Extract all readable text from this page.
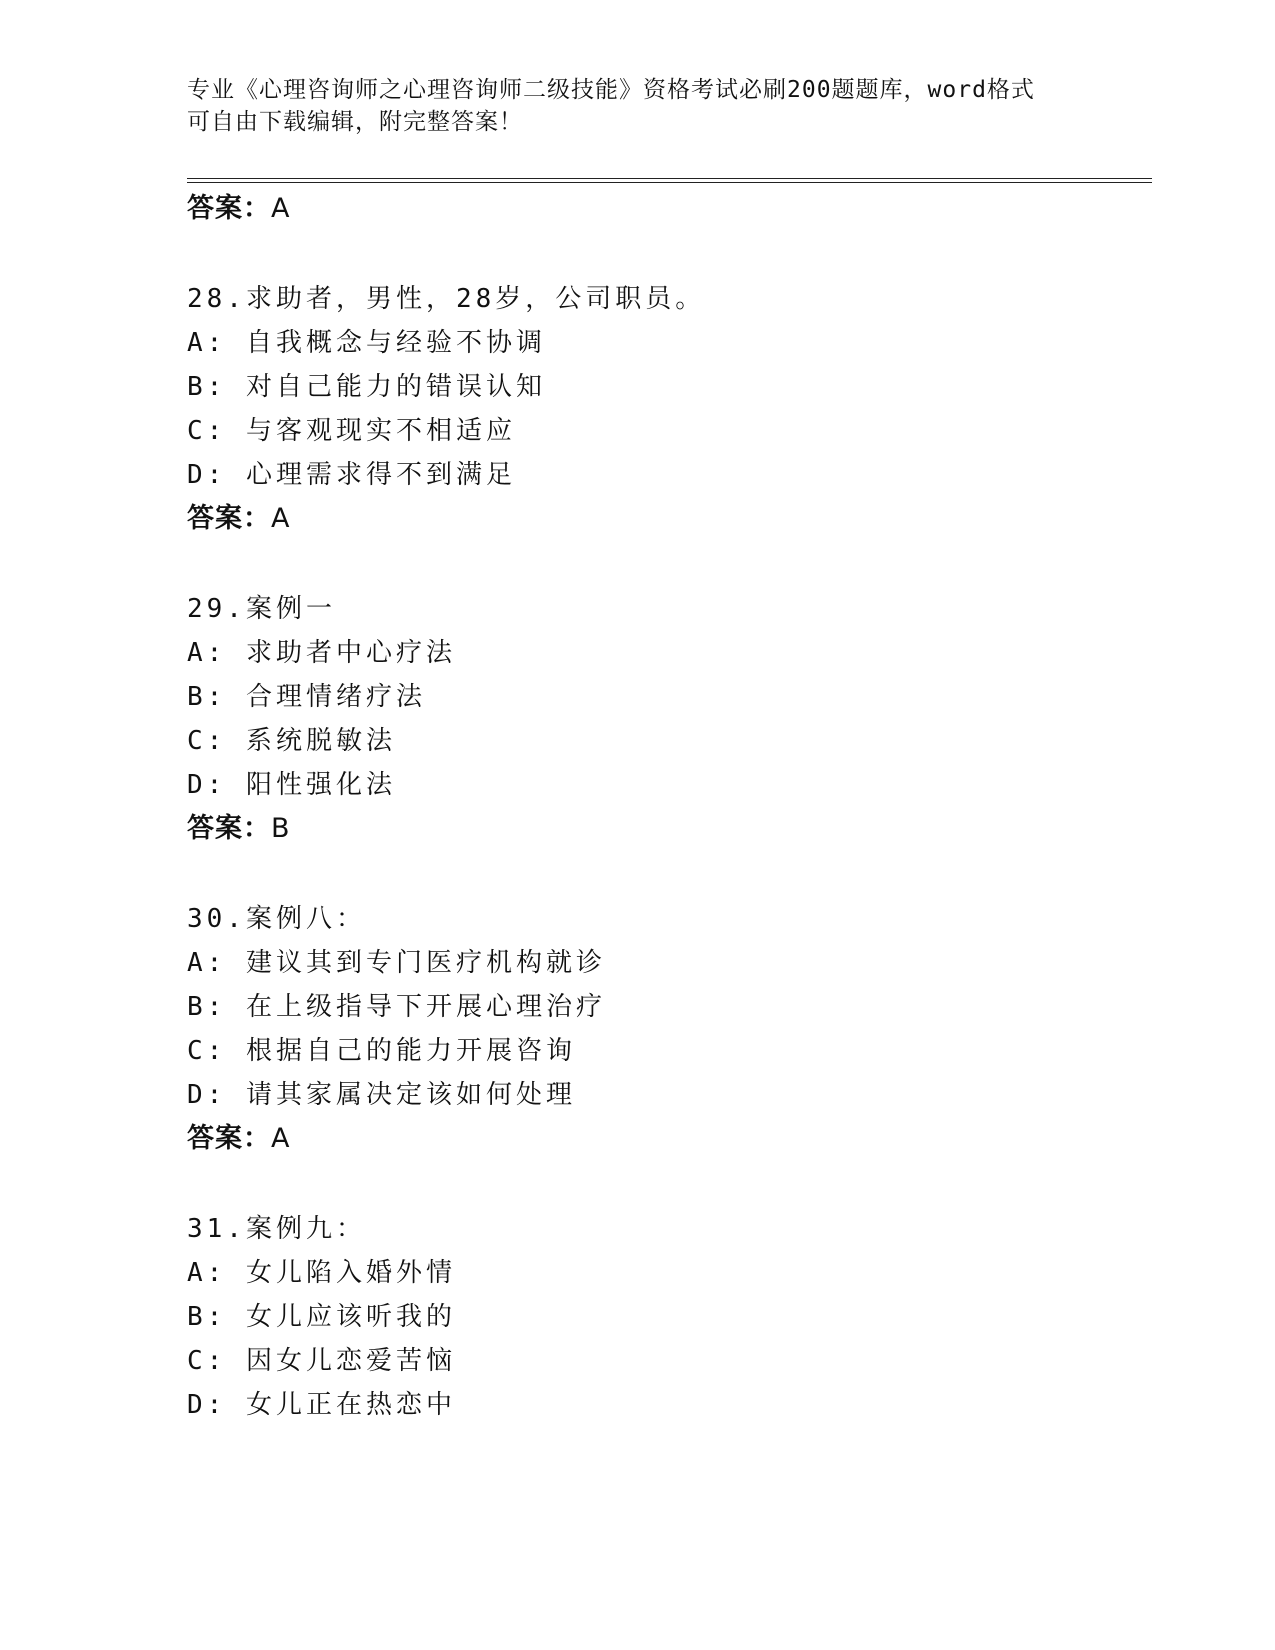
专业《心理咨询师之心理咨询师二级技能》资格考试必刷200题题库，word格式
可自由下载编辑，附完整答案！
答案：A
28.求助者，男性，28岁，公司职员。
A: 自我概念与经验不协调
B: 对自己能力的错误认知
C: 与客观现实不相适应
D: 心理需求得不到满足
答案：A
29.案例一
A: 求助者中心疗法
B: 合理情绪疗法
C: 系统脱敏法
D: 阳性强化法
答案：B
30.案例八：
A: 建议其到专门医疗机构就诊
B: 在上级指导下开展心理治疗
C: 根据自己的能力开展咨询
D: 请其家属决定该如何处理
答案：A
31.案例九：
A: 女儿陷入婚外情
B: 女儿应该听我的
C: 因女儿恋爱苦恼
D: 女儿正在热恋中
